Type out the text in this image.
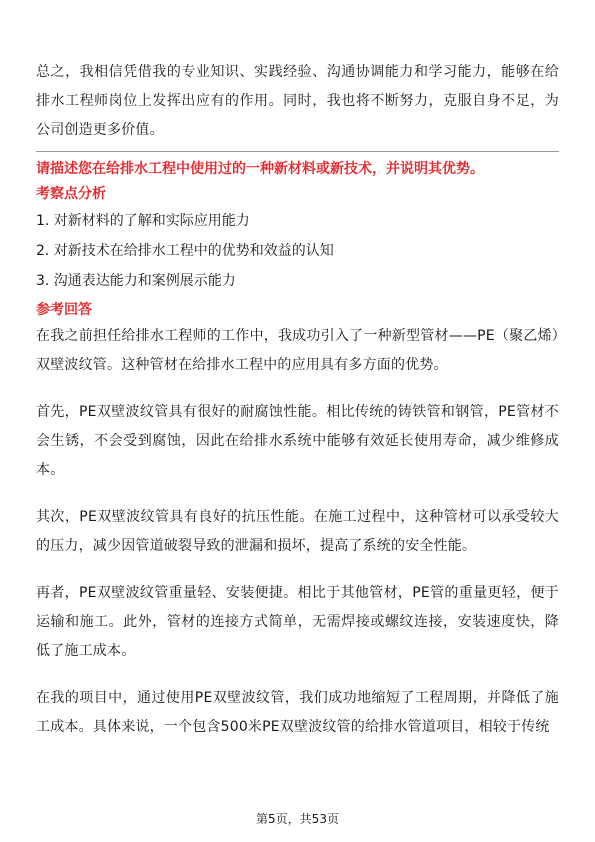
总之，我相信凭借我的专业知识、实践经验、沟通协调能力和学习能力，能够在给排水工程师岗位上发挥出应有的作用。同时，我也将不断努力，克服自身不足，为公司创造更多价值。

请描述您在给排水工程中使用过的一种新材料或新技术，并说明其优势。
考察点分析
1. 对新材料的了解和实际应用能力
2. 对新技术在给排水工程中的优势和效益的认知
3. 沟通表达能力和案例展示能力
参考回答

在我之前担任给排水工程师的工作中，我成功引入了一种新型管材——PE（聚乙烯）双壁波纹管。这种管材在给排水工程中的应用具有多方面的优势。

首先，PE双壁波纹管具有很好的耐腐蚀性能。相比传统的铸铁管和钢管，PE管材不会生锈，不会受到腐蚀，因此在给排水系统中能够有效延长使用寿命，减少维修成本。

其次，PE双壁波纹管具有良好的抗压性能。在施工过程中，这种管材可以承受较大的压力，减少因管道破裂导致的泄漏和损坏，提高了系统的安全性能。

再者，PE双壁波纹管重量轻、安装便捷。相比于其他管材，PE管的重量更轻，便于运输和施工。此外，管材的连接方式简单，无需焊接或螺纹连接，安装速度快，降低了施工成本。

在我的项目中，通过使用PE双壁波纹管，我们成功地缩短了工程周期，并降低了施工成本。具体来说，一个包含500米PE双壁波纹管的给排水管道项目，相较于传统

第5页，共53页
